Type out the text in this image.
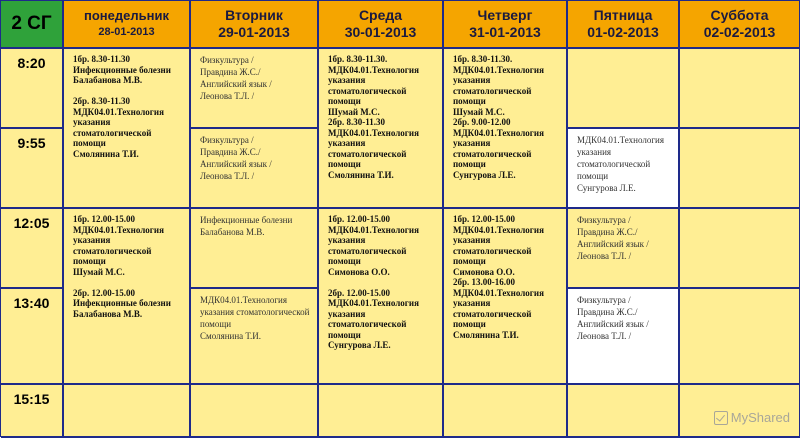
2 СГ понедельник
28-01-2013
Вторник
29-01-2013
Среда
30-01-2013
Четверг
31-01-2013
Пятница
01-02-2013
Суббота
02-02-2013
8:20
9:55
12:05
13:40
15:15
1бр. 8.30-11.30
Инфекционные болезни
Балабанова М.В.

2бр. 8.30-11.30
МДК04.01.Технология
указания
стоматологической
помощи
Смолянина Т.И.
1бр. 12.00-15.00
МДК04.01.Технология
указания
стоматологической
помощи
Шумай М.С.

2бр. 12.00-15.00
Инфекционные болезни
Балабанова М.В.
Физкультура /
Правдина Ж.С./
Английский язык /
Леонова Т.Л. /
Физкультура /
Правдина Ж.С./
Английский язык /
Леонова Т.Л. /
Инфекционные болезни
Балабанова М.В.
МДК04.01.Технология
указания стоматологической
помощи
Смолянина Т.И.
1бр. 8.30-11.30.
МДК04.01.Технология
указания
стоматологической
помощи
Шумай М.С.
2бр. 8.30-11.30
МДК04.01.Технология
указания
стоматологической
помощи
Смолянина Т.И.
1бр. 12.00-15.00
МДК04.01.Технология
указания
стоматологической
помощи
Симонова О.О.

2бр. 12.00-15.00
МДК04.01.Технология
указания
стоматологической
помощи
Сунгурова Л.Е.
1бр. 8.30-11.30.
МДК04.01.Технология
указания
стоматологической
помощи
Шумай М.С.
2бр. 9.00-12.00
МДК04.01.Технология
указания
стоматологической
помощи
Сунгурова Л.Е.
1бр. 12.00-15.00
МДК04.01.Технология
указания
стоматологической
помощи
Симонова О.О.
2бр. 13.00-16.00
МДК04.01.Технология
указания
стоматологической
помощи
Смолянина Т.И.
МДК04.01.Технология
указания
стоматологической
помощи
Сунгурова Л.Е.
Физкультура /
Правдина Ж.С./
Английский язык /
Леонова Т.Л. /
Физкультура /
Правдина Ж.С./
Английский язык /
Леонова Т.Л. /
MyShared
